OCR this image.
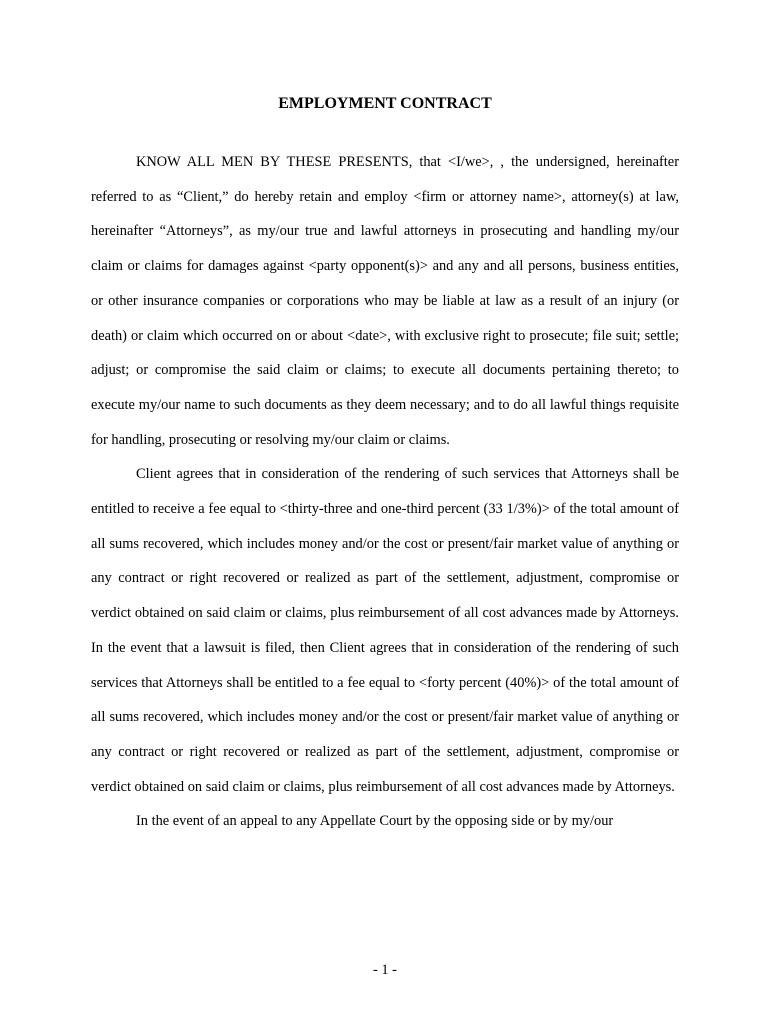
EMPLOYMENT CONTRACT

KNOW ALL MEN BY THESE PRESENTS, that <I/we>, , the undersigned, hereinafter referred to as “Client,” do hereby retain and employ <firm or attorney name>, attorney(s) at law, hereinafter “Attorneys”, as my/our true and lawful attorneys in prosecuting and handling my/our claim or claims for damages against <party opponent(s)> and any and all persons, business entities, or other insurance companies or corporations who may be liable at law as a result of an injury (or death) or claim which occurred on or about <date>, with exclusive right to prosecute; file suit; settle; adjust; or compromise the said claim or claims; to execute all documents pertaining thereto; to execute my/our name to such documents as they deem necessary; and to do all lawful things requisite for handling, prosecuting or resolving my/our claim or claims.

Client agrees that in consideration of the rendering of such services that Attorneys shall be entitled to receive a fee equal to <thirty-three and one-third percent (33 1/3%)> of the total amount of all sums recovered, which includes money and/or the cost or present/fair market value of anything or any contract or right recovered or realized as part of the settlement, adjustment, compromise or verdict obtained on said claim or claims, plus reimbursement of all cost advances made by Attorneys. In the event that a lawsuit is filed, then Client agrees that in consideration of the rendering of such services that Attorneys shall be entitled to a fee equal to <forty percent (40%)> of the total amount of all sums recovered, which includes money and/or the cost or present/fair market value of anything or any contract or right recovered or realized as part of the settlement, adjustment, compromise or verdict obtained on said claim or claims, plus reimbursement of all cost advances made by Attorneys.

In the event of an appeal to any Appellate Court by the opposing side or by my/our

- 1 -
